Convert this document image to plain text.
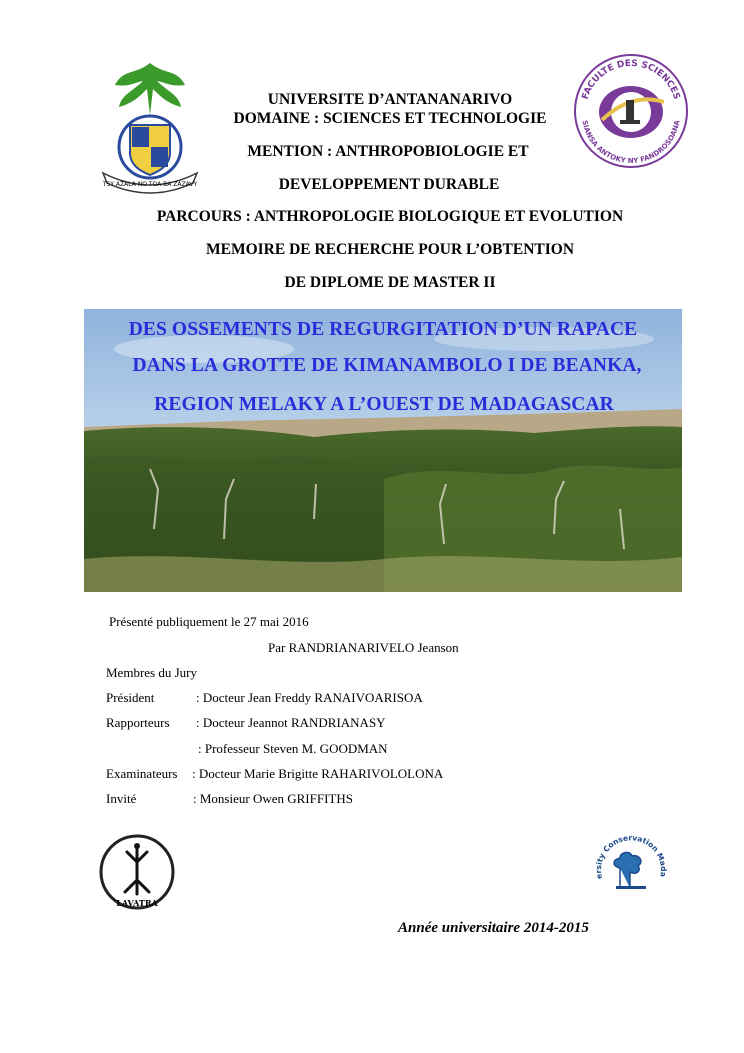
TSY AZALA NO TOA BA ZAZAVY
FACULTE DES SCIENCES
SIANSA ANTOKY NY FANDROSOANA
UNIVERSITE D’ANTANANARIVO
DOMAINE : SCIENCES ET TECHNOLOGIE
MENTION : ANTHROPOBIOLOGIE ET
DEVELOPPEMENT DURABLE
PARCOURS : ANTHROPOLOGIE BIOLOGIQUE ET EVOLUTION
MEMOIRE DE RECHERCHE POUR L’OBTENTION
DE DIPLOME DE MASTER II
DES OSSEMENTS DE REGURGITATION D’UN RAPACE
DANS LA GROTTE DE KIMANAMBOLO I DE BEANKA,
REGION MELAKY A L’OUEST DE MADAGASCAR
Présenté publiquement le 27 mai 2016
Par RANDRIANARIVELO Jeanson
Membres du Jury
Président	: Docteur Jean Freddy RANAIVOARISOA
Rapporteurs : Docteur Jeannot RANDRIANASY
: Professeur Steven M. GOODMAN
Examinateurs : Docteur Marie Brigitte RAHARIVOLOLONA
Invité	: Monsieur Owen GRIFFITHS
LAVATRA
ersity Conservation Mada
Année universitaire 2014-2015
